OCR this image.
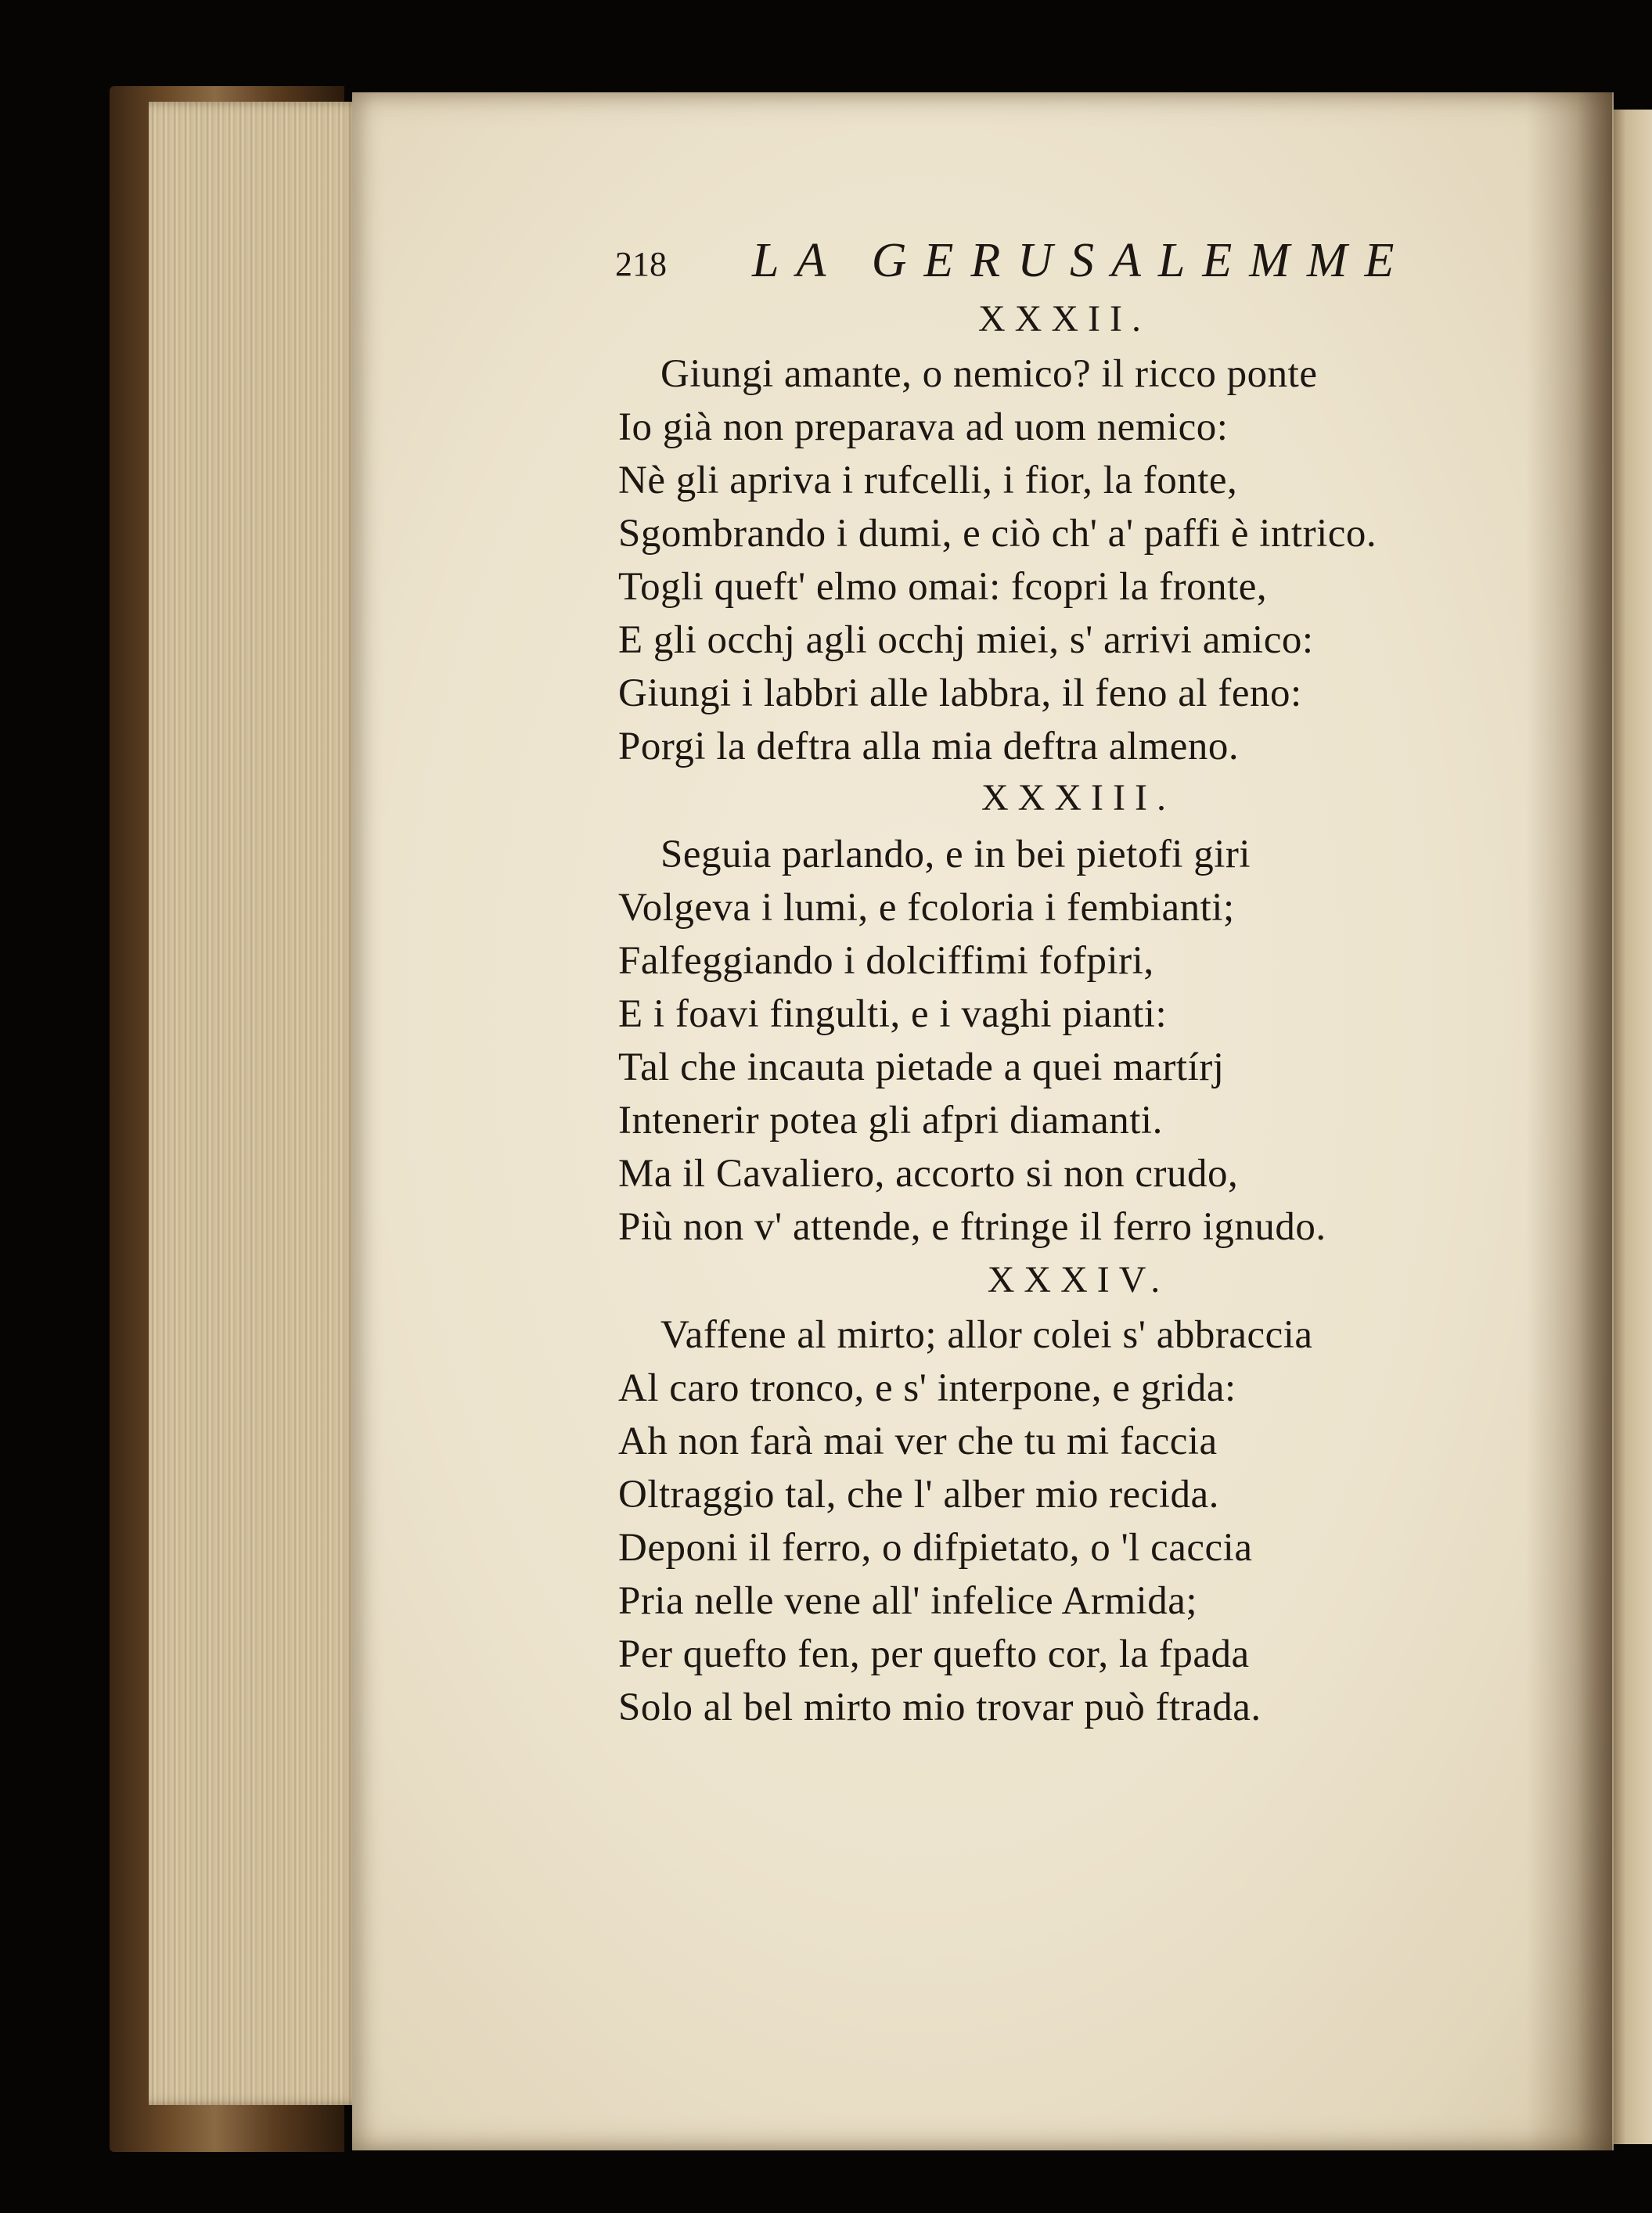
218 LA GERUSALEMME
XXXII.
Giungi amante, o nemico? il ricco ponte
Io già non preparava ad uom nemico:
Nè gli apriva i rufcelli, i fior, la fonte,
Sgombrando i dumi, e ciò ch' a' paffi è intrico.
Togli queft' elmo omai: fcopri la fronte,
E gli occhj agli occhj miei, s' arrivi amico:
Giungi i labbri alle labbra, il feno al feno:
Porgi la deftra alla mia deftra almeno.
XXXIII.
Seguia parlando, e in bei pietofi giri
Volgeva i lumi, e fcoloria i fembianti;
Falfeggiando i dolciffimi fofpiri,
E i foavi fingulti, e i vaghi pianti:
Tal che incauta pietade a quei martírj
Intenerir potea gli afpri diamanti.
Ma il Cavaliero, accorto si non crudo,
Più non v' attende, e ftringe il ferro ignudo.
XXXIV.
Vaffene al mirto; allor colei s' abbraccia
Al caro tronco, e s' interpone, e grida:
Ah non farà mai ver che tu mi faccia
Oltraggio tal, che l' alber mio recida.
Deponi il ferro, o difpietato, o 'l caccia
Pria nelle vene all' infelice Armida;
Per quefto fen, per quefto cor, la fpada
Solo al bel mirto mio trovar può ftrada.
